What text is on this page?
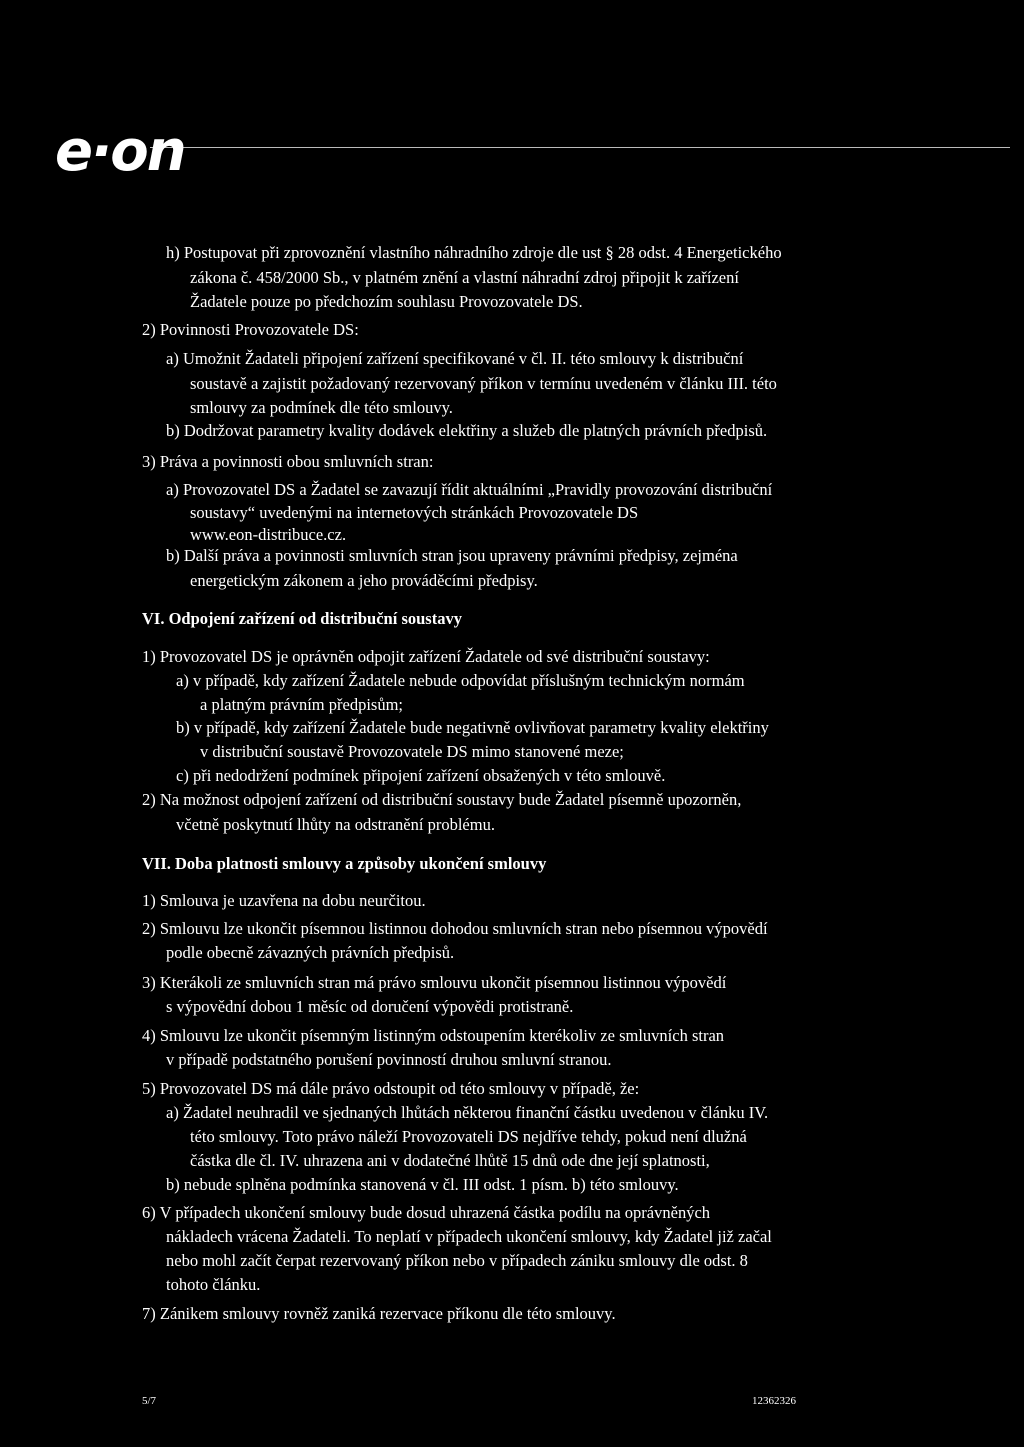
e·on
h) Postupovat při zprovoznění vlastního náhradního zdroje dle ust § 28 odst. 4 Energetického
zákona č. 458/2000 Sb., v platném znění a vlastní náhradní zdroj připojit k zařízení
Žadatele pouze po předchozím souhlasu Provozovatele DS.
2) Povinnosti Provozovatele DS:
a) Umožnit Žadateli připojení zařízení specifikované v čl. II. této smlouvy k distribuční
soustavě a zajistit požadovaný rezervovaný příkon v termínu uvedeném v článku III. této
smlouvy za podmínek dle této smlouvy.
b) Dodržovat parametry kvality dodávek elektřiny a služeb dle platných právních předpisů.
3) Práva a povinnosti obou smluvních stran:
a) Provozovatel DS a Žadatel se zavazují řídit aktuálními „Pravidly provozování distribuční
soustavy“ uvedenými na internetových stránkách Provozovatele DS
www.eon-distribuce.cz.
b) Další práva a povinnosti smluvních stran jsou upraveny právními předpisy, zejména
energetickým zákonem a jeho prováděcími předpisy.
VI. Odpojení zařízení od distribuční soustavy
1) Provozovatel DS je oprávněn odpojit zařízení Žadatele od své distribuční soustavy:
a) v případě, kdy zařízení Žadatele nebude odpovídat příslušným technickým normám
a platným právním předpisům;
b) v případě, kdy zařízení Žadatele bude negativně ovlivňovat parametry kvality elektřiny
v distribuční soustavě Provozovatele DS mimo stanovené meze;
c) při nedodržení podmínek připojení zařízení obsažených v této smlouvě.
2) Na možnost odpojení zařízení od distribuční soustavy bude Žadatel písemně upozorněn,
včetně poskytnutí lhůty na odstranění problému.
VII. Doba platnosti smlouvy a způsoby ukončení smlouvy
1) Smlouva je uzavřena na dobu neurčitou.
2) Smlouvu lze ukončit písemnou listinnou dohodou smluvních stran nebo písemnou výpovědí
podle obecně závazných právních předpisů.
3) Kterákoli ze smluvních stran má právo smlouvu ukončit písemnou listinnou výpovědí
s výpovědní dobou 1 měsíc od doručení výpovědi protistraně.
4) Smlouvu lze ukončit písemným listinným odstoupením kterékoliv ze smluvních stran
v případě podstatného porušení povinností druhou smluvní stranou.
5) Provozovatel DS má dále právo odstoupit od této smlouvy v případě, že:
a) Žadatel neuhradil ve sjednaných lhůtách některou finanční částku uvedenou v článku IV.
této smlouvy. Toto právo náleží Provozovateli DS nejdříve tehdy, pokud není dlužná
částka dle čl. IV. uhrazena ani v dodatečné lhůtě 15 dnů ode dne její splatnosti,
b) nebude splněna podmínka stanovená v čl. III odst. 1 písm. b) této smlouvy.
6) V případech ukončení smlouvy bude dosud uhrazená částka podílu na oprávněných
nákladech vrácena Žadateli. To neplatí v případech ukončení smlouvy, kdy Žadatel již začal
nebo mohl začít čerpat rezervovaný příkon nebo v případech zániku smlouvy dle odst. 8
tohoto článku.
7) Zánikem smlouvy rovněž zaniká rezervace příkonu dle této smlouvy.
5/7	12362326
